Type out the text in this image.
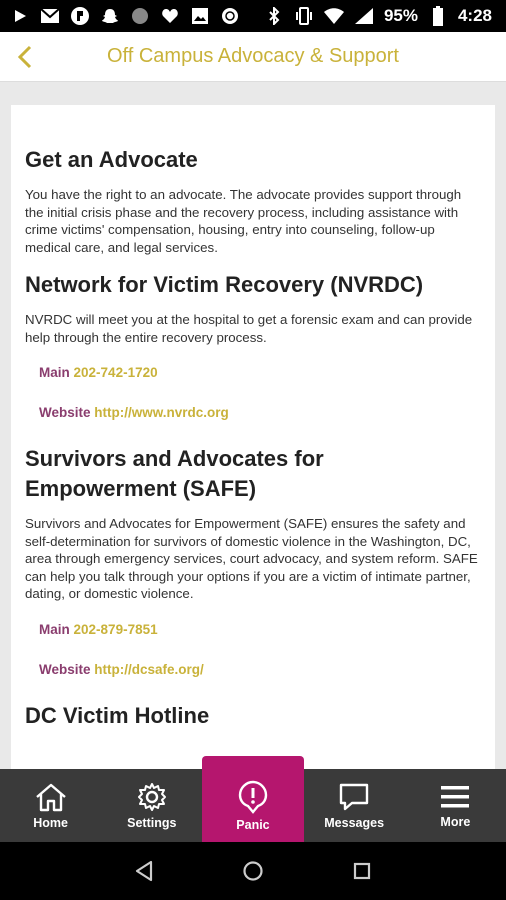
95% 4:28
Off Campus Advocacy & Support
Get an Advocate

You have the right to an advocate. The advocate provides support through the initial crisis phase and the recovery process, including assistance with crime victims' compensation, housing, entry into counseling, follow-up medical care, and legal services.

Network for Victim Recovery (NVRDC)

NVRDC will meet you at the hospital to get a forensic exam and can provide help through the entire recovery process.

Main 202-742-1720
Website http://www.nvrdc.org
Survivors and Advocates for Empowerment (SAFE)

Survivors and Advocates for Empowerment (SAFE) ensures the safety and self-determination for survivors of domestic violence in the Washington, DC, area through emergency services, court advocacy, and system reform. SAFE can help you talk through your options if you are a victim of intimate partner, dating, or domestic violence.

Main 202-879-7851
Website http://dcsafe.org/
DC Victim Hotline
Home	Settings	Panic	Messages	More
